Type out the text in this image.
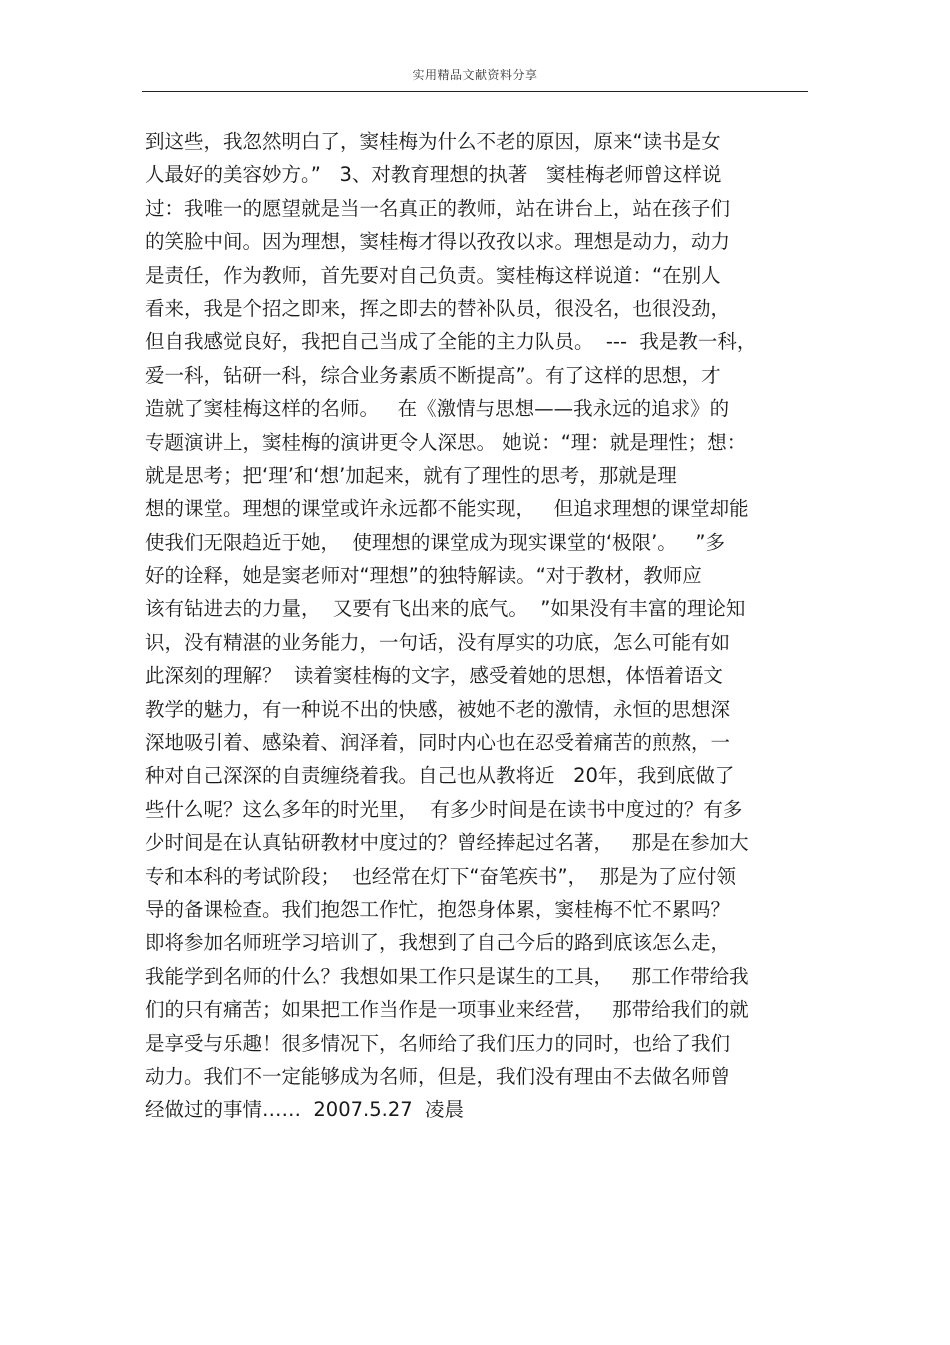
实用精品文献资料分享
到这些，我忽然明白了，窦桂梅为什么不老的原因，原来“读书是女
人最好的美容妙方。”   3、对教育理想的执著   窦桂梅老师曾这样说
过：我唯一的愿望就是当一名真正的教师，站在讲台上，站在孩子们
的笑脸中间。因为理想，窦桂梅才得以孜孜以求。理想是动力，动力
是责任，作为教师，首先要对自己负责。窦桂梅这样说道：“在别人
看来，我是个招之即来，挥之即去的替补队员，很没名，也很没劲，
但自我感觉良好，我把自己当成了全能的主力队员。  ---  我是教一科，
爱一科，钻研一科，综合业务素质不断提高”。有了这样的思想，才
造就了窦桂梅这样的名师。   在《激情与思想——我永远的追求》的
专题演讲上，窦桂梅的演讲更令人深思。 她说：“理：就是理性；想：
就是思考；把‘理’和‘想’加起来，就有了理性的思考，那就是理
想的课堂。理想的课堂或许永远都不能实现，   但追求理想的课堂却能
使我们无限趋近于她，  使理想的课堂成为现实课堂的‘极限’。   ”多
好的诠释，她是窦老师对“理想”的独特解读。“对于教材，教师应
该有钻进去的力量，  又要有飞出来的底气。  ”如果没有丰富的理论知
识，没有精湛的业务能力，一句话，没有厚实的功底，怎么可能有如
此深刻的理解？  读着窦桂梅的文字，感受着她的思想，体悟着语文
教学的魅力，有一种说不出的快感，被她不老的激情，永恒的思想深
深地吸引着、感染着、润泽着，同时内心也在忍受着痛苦的煎熬，一
种对自己深深的自责缠绕着我。自己也从教将近   20年，我到底做了
些什么呢？这么多年的时光里，  有多少时间是在读书中度过的？有多
少时间是在认真钻研教材中度过的？曾经捧起过名著，   那是在参加大
专和本科的考试阶段；  也经常在灯下“奋笔疾书”，  那是为了应付领
导的备课检查。我们抱怨工作忙，抱怨身体累，窦桂梅不忙不累吗？
即将参加名师班学习培训了，我想到了自己今后的路到底该怎么走，
我能学到名师的什么？我想如果工作只是谋生的工具，   那工作带给我
们的只有痛苦；如果把工作当作是一项事业来经营，   那带给我们的就
是享受与乐趣！很多情况下，名师给了我们压力的同时，也给了我们
动力。我们不一定能够成为名师，但是，我们没有理由不去做名师曾
经做过的事情……  2007.5.27  凌晨
